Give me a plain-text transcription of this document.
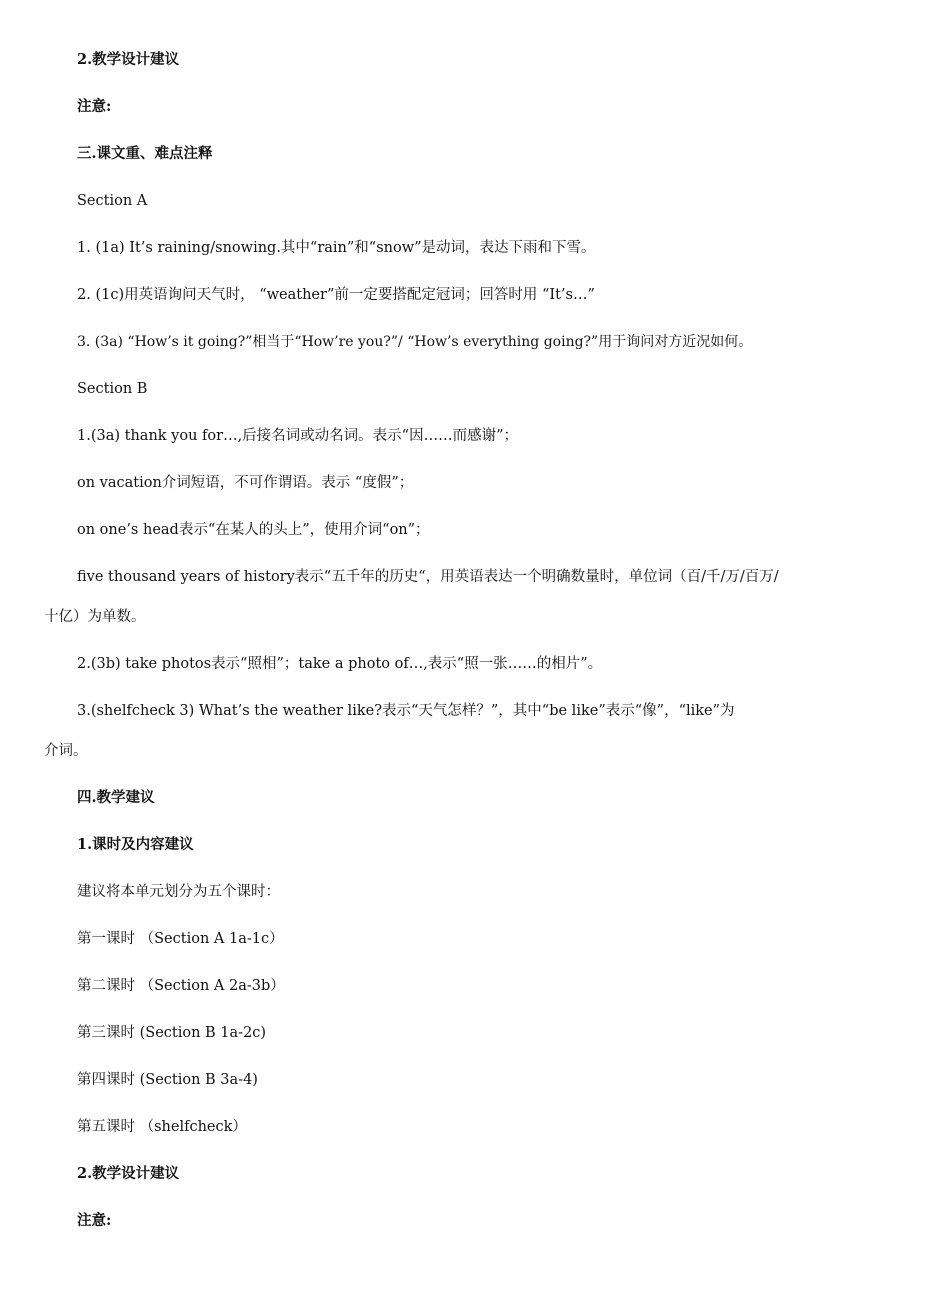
2.教学设计建议
注意:
三.课文重、难点注释
Section A
1. (1a) It’s raining/snowing.其中“rain”和“snow”是动词，表达下雨和下雪。
2. (1c)用英语询问天气时， “weather”前一定要搭配定冠词；回答时用 “It’s…”
3. (3a) “How’s it going?”相当于“How’re you?”/ “How’s everything going?”用于询问对方近况如何。
Section B
1.(3a) thank you for…,后接名词或动名词。表示“因……而感谢”；
on vacation介词短语，不可作谓语。表示 “度假”；
on one’s head表示“在某人的头上”，使用介词“on”；
five thousand years of history表示“五千年的历史“，用英语表达一个明确数量时，单位词（百/千/万/百万/
十亿）为单数。
2.(3b) take photos表示“照相”；take a photo of…,表示“照一张……的相片”。
3.(shelfcheck 3) What’s the weather like?表示“天气怎样？”，其中“be like”表示“像”，“like”为
介词。
四.教学建议
1.课时及内容建议
建议将本单元划分为五个课时：
第一课时 （Section A 1a-1c）
第二课时 （Section A 2a-3b）
第三课时 (Section B 1a-2c)
第四课时 (Section B 3a-4)
第五课时 （shelfcheck）
2.教学设计建议
注意:
